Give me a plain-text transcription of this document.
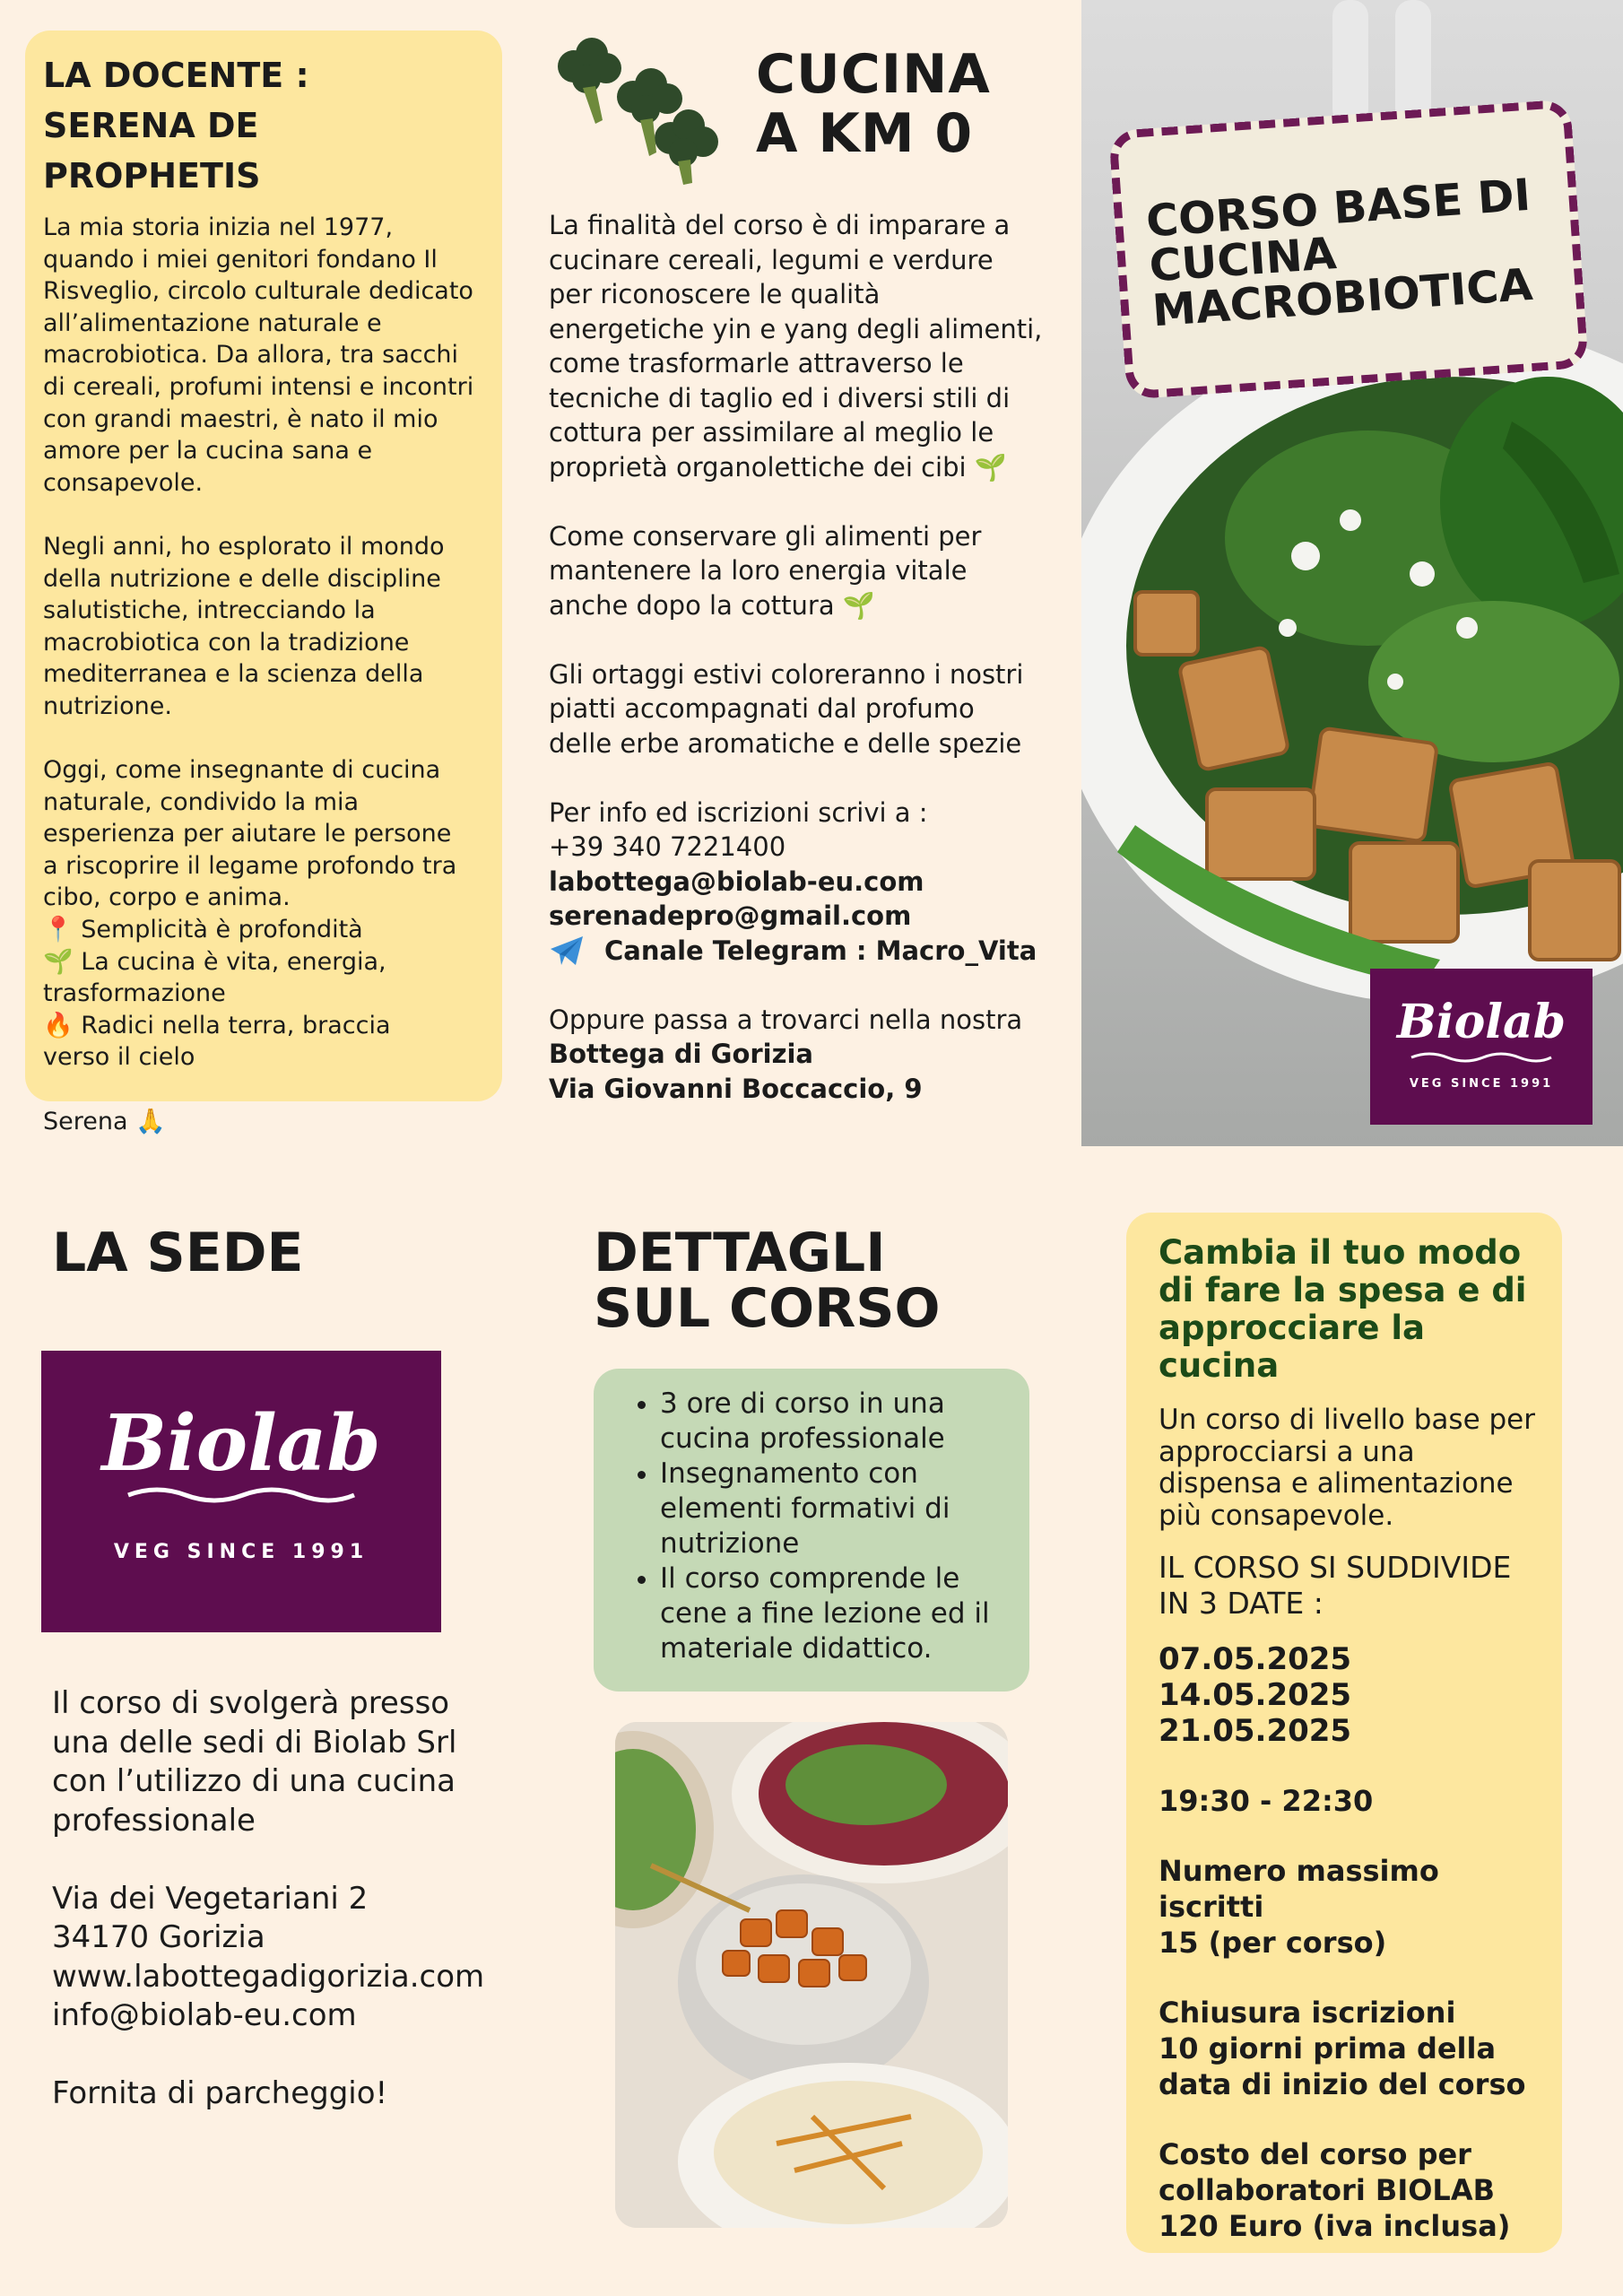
LA DOCENTE :
SERENA DE PROPHETIS
La mia storia inizia nel 1977,
quando i miei genitori fondano Il
Risveglio, circolo culturale dedicato
all’alimentazione naturale e
macrobiotica. Da allora, tra sacchi
di cereali, profumi intensi e incontri
con grandi maestri, è nato il mio
amore per la cucina sana e
consapevole.
Negli anni, ho esplorato il mondo
della nutrizione e delle discipline
salutistiche, intrecciando la
macrobiotica con la tradizione
mediterranea e la scienza della
nutrizione.
Oggi, come insegnante di cucina
naturale, condivido la mia
esperienza per aiutare le persone
a riscoprire il legame profondo tra
cibo, corpo e anima.
📍 Semplicità è profondità
🌱 La cucina è vita, energia,
trasformazione
🔥 Radici nella terra, braccia
verso il cielo
Serena 🙏
CUCINA
A KM 0
La finalità del corso è di imparare a
cucinare cereali, legumi e verdure
per riconoscere le qualità
energetiche yin e yang degli alimenti,
come trasformarle attraverso le
tecniche di taglio ed i diversi stili di
cottura per assimilare al meglio le
proprietà organolettiche dei cibi 🌱
Come conservare gli alimenti per
mantenere la loro energia vitale
anche dopo la cottura 🌱
Gli ortaggi estivi coloreranno i nostri
piatti accompagnati dal profumo
delle erbe aromatiche e delle spezie
Per info ed iscrizioni scrivi a :
+39 340 7221400
labottega@biolab-eu.com
serenadepro@gmail.com
Canale Telegram : Macro_Vita
Oppure passa a trovarci nella nostra
Bottega di Gorizia
Via Giovanni Boccaccio, 9
CORSO BASE DI
CUCINA
MACROBIOTICA
Biolab
VEG SINCE 1991
LA SEDE
Biolab
VEG SINCE 1991
Il corso di svolgerà presso
una delle sedi di Biolab Srl
con l’utilizzo di una cucina
professionale
Via dei Vegetariani 2
34170 Gorizia
www.labottegadigorizia.com
info@biolab-eu.com
Fornita di parcheggio!
DETTAGLI
SUL CORSO
• 3 ore di corso in una cucina professionale
• Insegnamento con elementi formativi di nutrizione
• Il corso comprende le cene a fine lezione ed il materiale didattico.
Cambia il tuo modo
di fare la spesa e di
approcciare la
cucina
Un corso di livello base per
approcciarsi a una
dispensa e alimentazione
più consapevole.
IL CORSO SI SUDDIVIDE
IN 3 DATE :
07.05.2025
14.05.2025
21.05.2025
19:30 - 22:30
Numero massimo iscritti
15 (per corso)
Chiusura iscrizioni
10 giorni prima della
data di inizio del corso
Costo del corso per
collaboratori BIOLAB
120 Euro (iva inclusa)
